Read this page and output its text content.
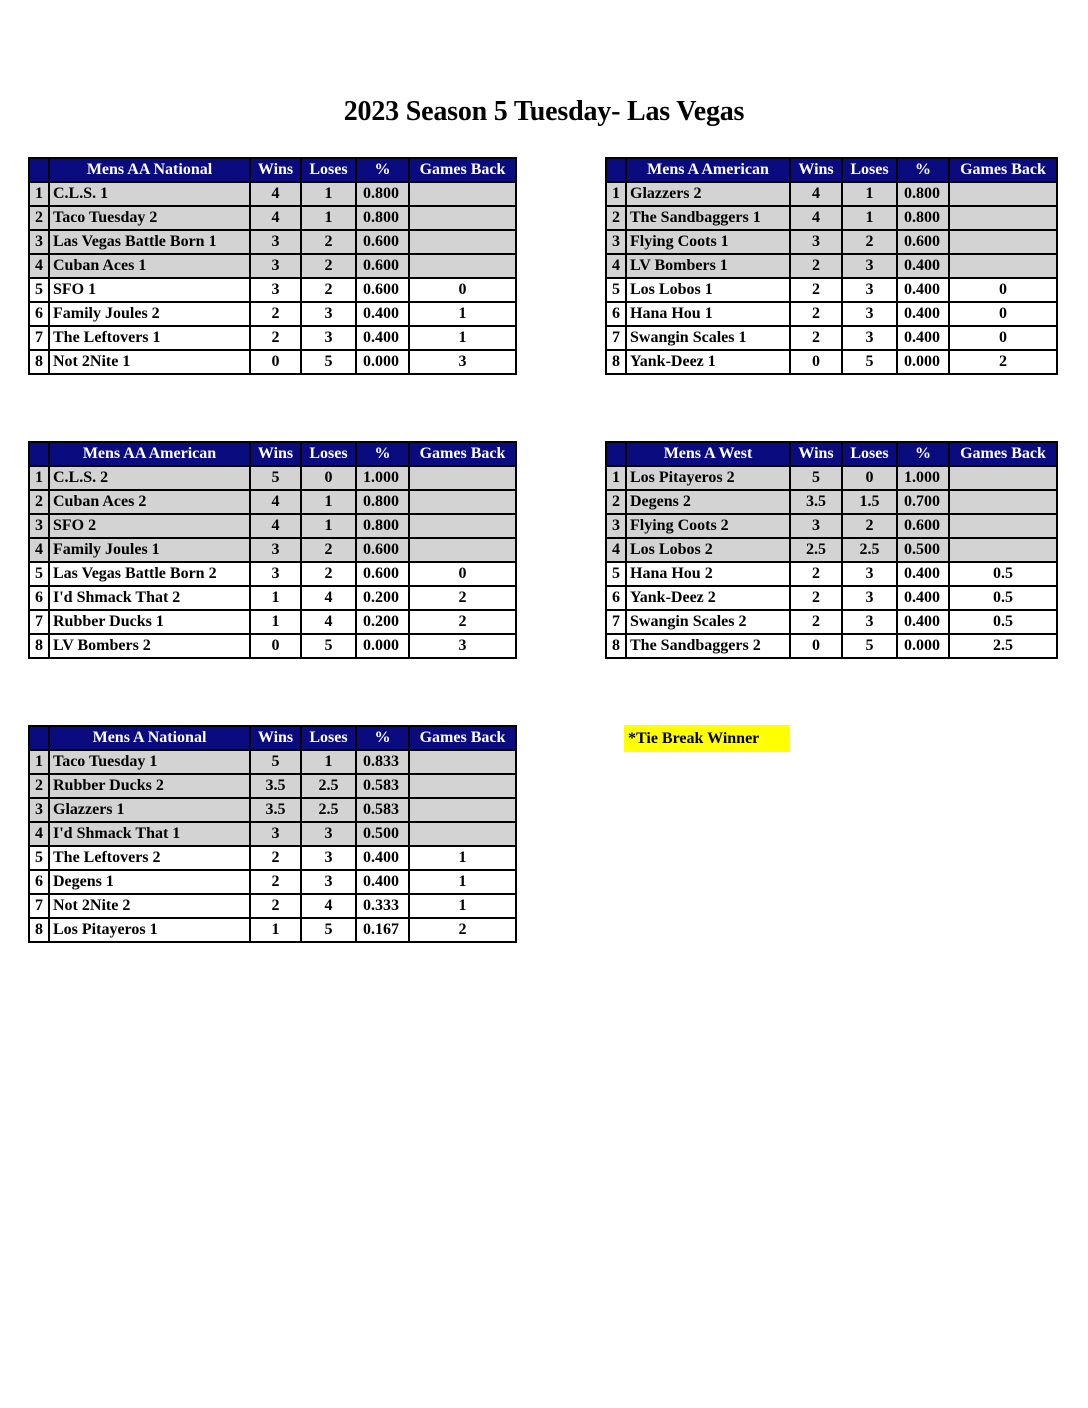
2023 Season 5 Tuesday- Las Vegas
	Mens AA National	Wins	Loses	%	Games Back
1	C.L.S. 1	4	1	0.800	
2	Taco Tuesday 2	4	1	0.800	
3	Las Vegas Battle Born 1	3	2	0.600	
4	Cuban Aces 1	3	2	0.600	
5	SFO 1	3	2	0.600	0
6	Family Joules 2	2	3	0.400	1
7	The Leftovers 1	2	3	0.400	1
8	Not 2Nite 1	0	5	0.000	3
	Mens A American	Wins	Loses	%	Games Back
1	Glazzers 2	4	1	0.800	
2	The Sandbaggers 1	4	1	0.800	
3	Flying Coots 1	3	2	0.600	
4	LV Bombers 1	2	3	0.400	
5	Los Lobos 1	2	3	0.400	0
6	Hana Hou 1	2	3	0.400	0
7	Swangin Scales 1	2	3	0.400	0
8	Yank-Deez 1	0	5	0.000	2
	Mens AA American	Wins	Loses	%	Games Back
1	C.L.S. 2	5	0	1.000	
2	Cuban Aces 2	4	1	0.800	
3	SFO 2	4	1	0.800	
4	Family Joules 1	3	2	0.600	
5	Las Vegas Battle Born 2	3	2	0.600	0
6	I'd Shmack That 2	1	4	0.200	2
7	Rubber Ducks 1	1	4	0.200	2
8	LV Bombers 2	0	5	0.000	3
	Mens A West	Wins	Loses	%	Games Back
1	Los Pitayeros 2	5	0	1.000	
2	Degens 2	3.5	1.5	0.700	
3	Flying Coots 2	3	2	0.600	
4	Los Lobos 2	2.5	2.5	0.500	
5	Hana Hou 2	2	3	0.400	0.5
6	Yank-Deez 2	2	3	0.400	0.5
7	Swangin Scales 2	2	3	0.400	0.5
8	The Sandbaggers 2	0	5	0.000	2.5
	Mens A National	Wins	Loses	%	Games Back
1	Taco Tuesday 1	5	1	0.833	
2	Rubber Ducks 2	3.5	2.5	0.583	
3	Glazzers 1	3.5	2.5	0.583	
4	I'd Shmack That 1	3	3	0.500	
5	The Leftovers 2	2	3	0.400	1
6	Degens 1	2	3	0.400	1
7	Not 2Nite 2	2	4	0.333	1
8	Los Pitayeros 1	1	5	0.167	2
*Tie Break Winner
